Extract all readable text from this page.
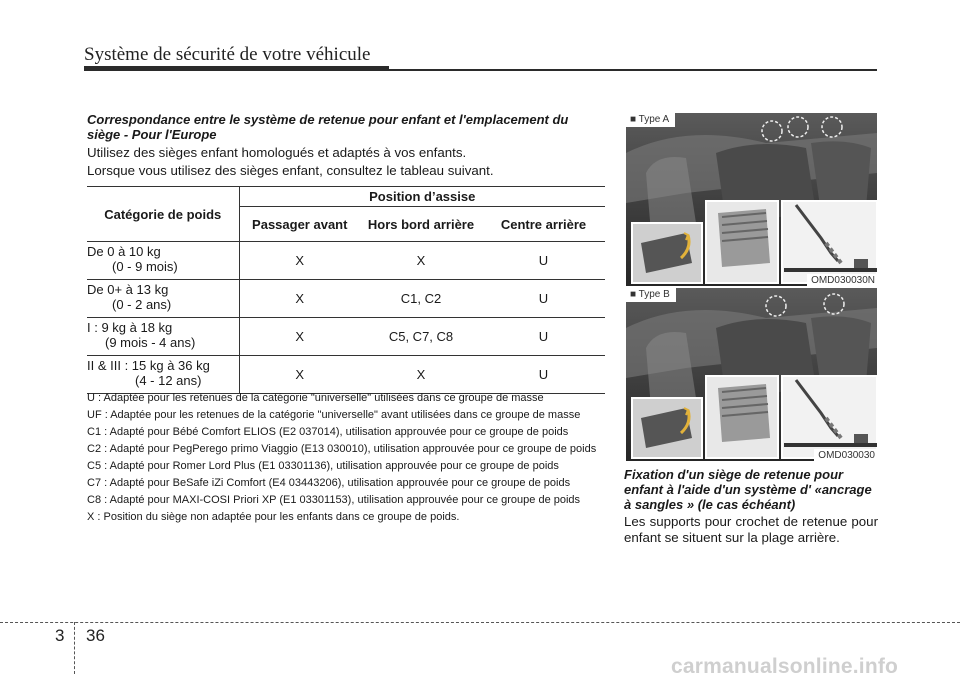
Système de sécurité de votre véhicule
Correspondance entre le système de retenue pour enfant et l'emplacement du siège - Pour l'Europe
Utilisez des sièges enfant homologués et adaptés à vos enfants.
Lorsque vous utilisez des sièges enfant, consultez le tableau suivant.
Catégorie de poids	Position d’assise		
	Passager avant	Hors bord arrière	Centre arrière
De 0 à 10 kg
(0 - 9 mois)	X	X	U
De 0+ à 13 kg
(0 - 2 ans)	X	C1, C2	U
I : 9 kg à 18 kg
(9 mois - 4 ans)	X	C5, C7, C8	U
II & III : 15 kg à 36 kg
(4 - 12 ans)	X	X	U
U : Adaptée pour les retenues de la catégorie "universelle" utilisées dans ce groupe de masse
UF : Adaptée pour les retenues de la catégorie "universelle" avant utilisées dans ce groupe de masse
C1 : Adapté pour Bébé Comfort ELIOS (E2 037014), utilisation approuvée pour ce groupe de poids
C2 : Adapté pour PegPerego primo Viaggio (E13 030010), utilisation approuvée pour ce groupe de poids
C5 : Adapté pour Romer Lord Plus (E1 03301136), utilisation approuvée pour ce groupe de poids
C7 : Adapté pour BeSafe iZi Comfort (E4 03443206), utilisation approuvée pour ce groupe de poids
C8 : Adapté pour MAXI-COSI Priori XP (E1 03301153), utilisation approuvée pour ce groupe de poids
X : Position du siège non adaptée pour les enfants dans ce groupe de poids.
■ Type A
OMD030030N
■ Type B
OMD030030
Fixation d'un siège de retenue pour enfant à l'aide d'un système d' «ancrage à sangles » (le cas échéant)
Les supports pour crochet de retenue pour enfant se situent sur la plage arrière.
3 36
carmanualsonline.info
